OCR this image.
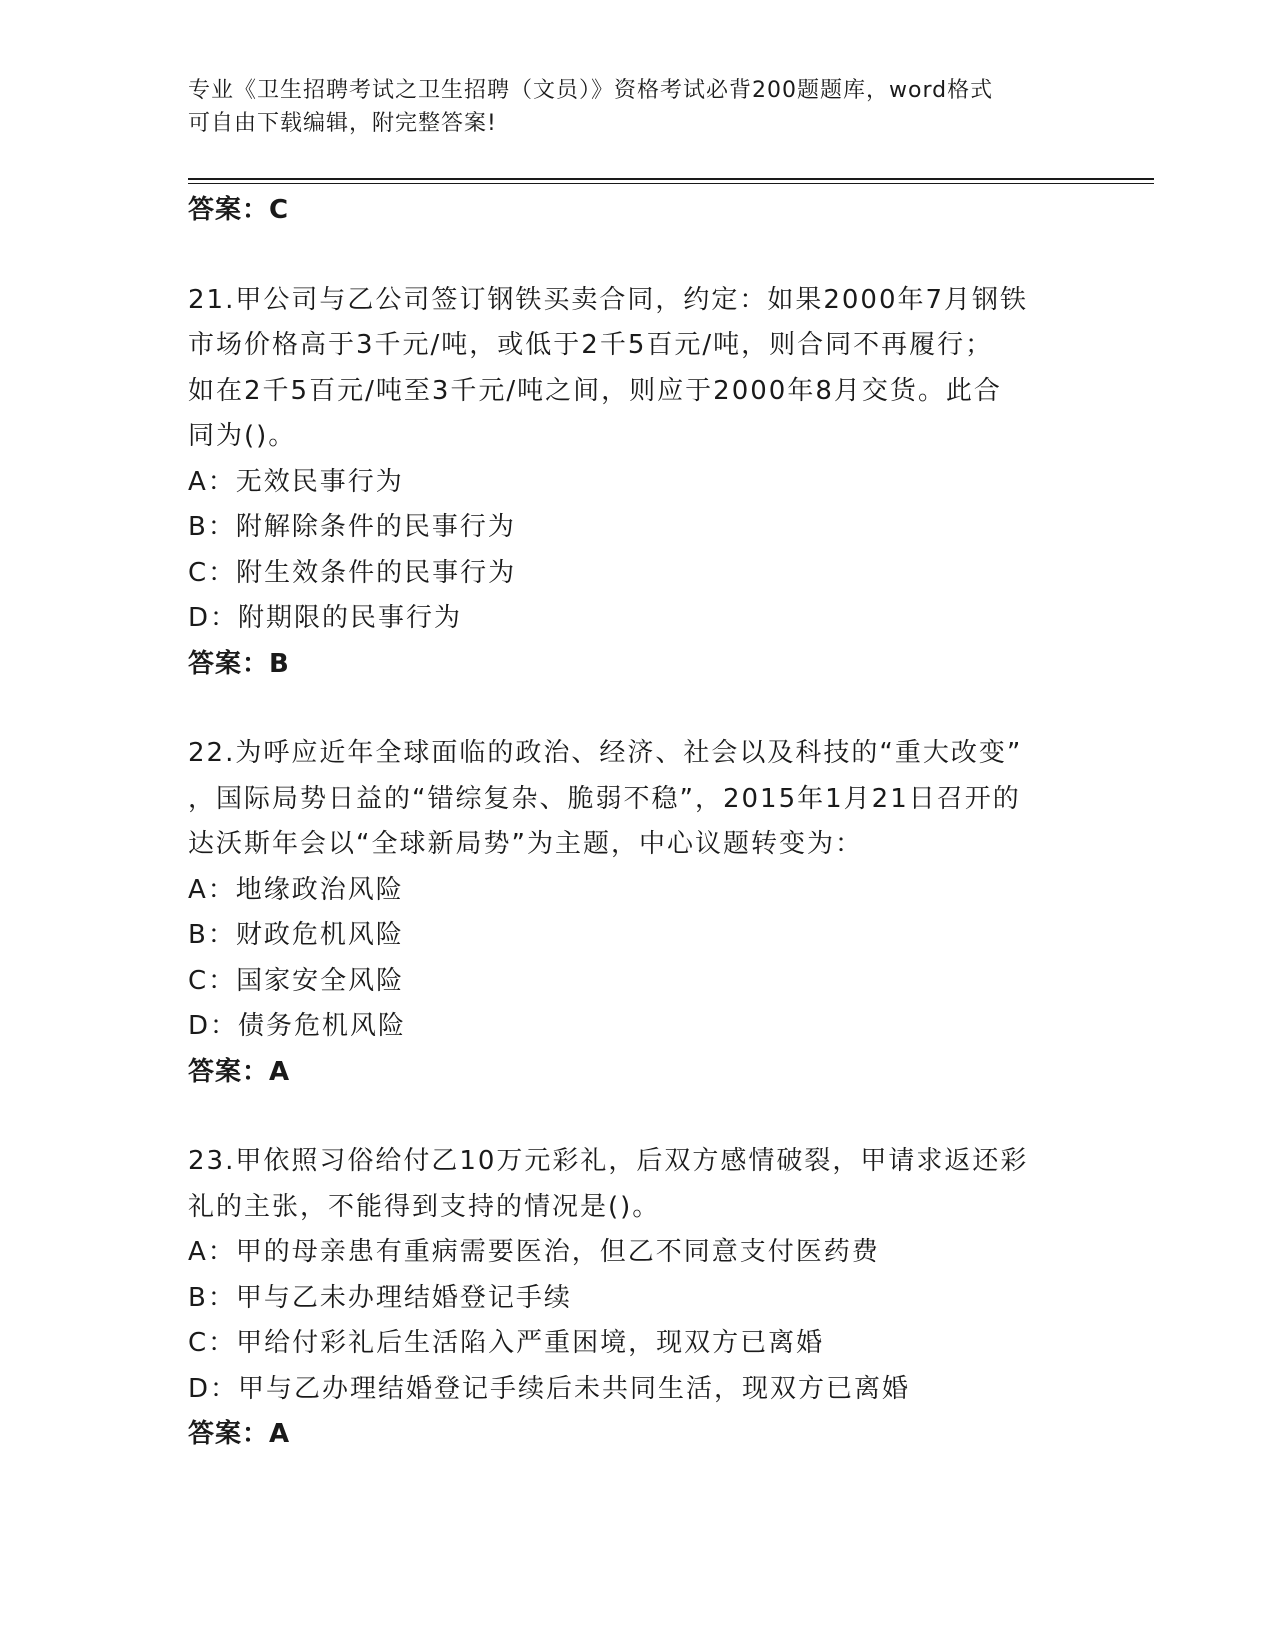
专业《卫生招聘考试之卫生招聘（文员）》资格考试必背200题题库，word格式
可自由下载编辑，附完整答案!
答案：C
21.甲公司与乙公司签订钢铁买卖合同，约定：如果2000年7月钢铁
市场价格高于3千元/吨，或低于2千5百元/吨，则合同不再履行；
如在2千5百元/吨至3千元/吨之间，则应于2000年8月交货。此合
同为()。
A：无效民事行为
B：附解除条件的民事行为
C：附生效条件的民事行为
D：附期限的民事行为
答案：B
22.为呼应近年全球面临的政治、经济、社会以及科技的“重大改变”
，国际局势日益的“错综复杂、脆弱不稳”，2015年1月21日召开的
达沃斯年会以“全球新局势”为主题，中心议题转变为：
A：地缘政治风险
B：财政危机风险
C：国家安全风险
D：债务危机风险
答案：A
23.甲依照习俗给付乙10万元彩礼，后双方感情破裂，甲请求返还彩
礼的主张，不能得到支持的情况是()。
A：甲的母亲患有重病需要医治，但乙不同意支付医药费
B：甲与乙未办理结婚登记手续
C：甲给付彩礼后生活陷入严重困境，现双方已离婚
D：甲与乙办理结婚登记手续后未共同生活，现双方已离婚
答案：A
